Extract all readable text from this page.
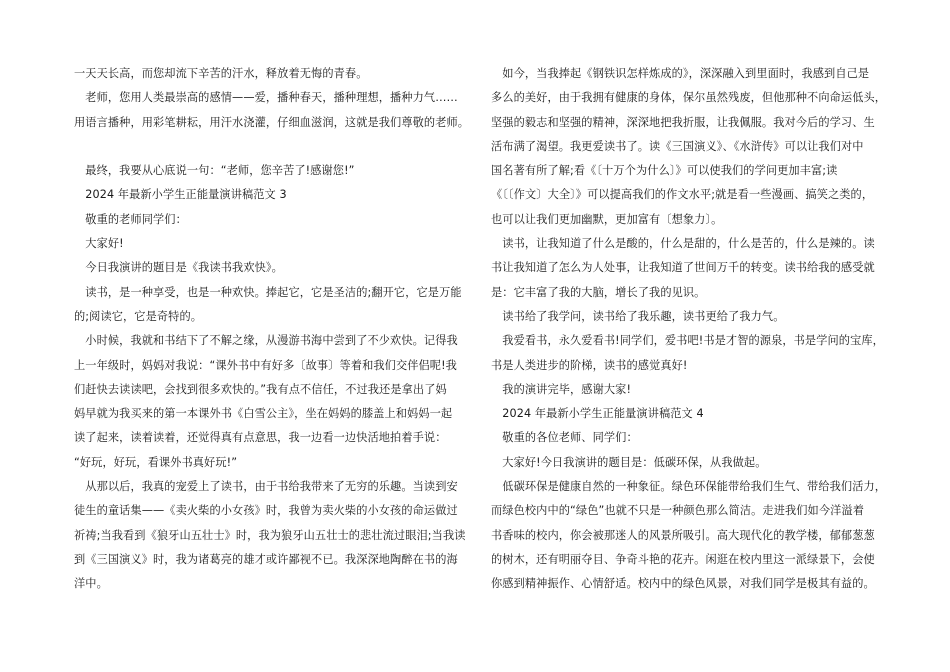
一天天长高，而您却流下辛苦的汗水，释放着无悔的青春。
　老师，您用人类最崇高的感情——爱，播种春天，播种理想，播种力气……
用语言播种，用彩笔耕耘，用汗水浇灌，仔细血滋润，这就是我们尊敬的老师。
　最终，我要从心底说一句：“老师，您辛苦了!感谢您!”
　2024 年最新小学生正能量演讲稿范文 3
　敬重的老师同学们：
　大家好!
　今日我演讲的题目是《我读书我欢快》。
　读书，是一种享受，也是一种欢快。捧起它，它是圣洁的;翻开它，它是万能
的;阅读它，它是奇特的。
　小时候，我就和书结下了不解之缘，从漫游书海中尝到了不少欢快。记得我
上一年级时，妈妈对我说：“课外书中有好多〔故事〕等着和我们交伴侣呢!我
们赶快去读读吧，会找到很多欢快的。”我有点不信任，不过我还是拿出了妈
妈早就为我买来的第一本课外书《白雪公主》，坐在妈妈的膝盖上和妈妈一起
读了起来，读着读着，还觉得真有点意思，我一边看一边快活地拍着手说：
“好玩，好玩，看课外书真好玩!”
　从那以后，我真的宠爱上了读书，由于书给我带来了无穷的乐趣。当读到安
徒生的童话集——《卖火柴的小女孩》时，我曾为卖火柴的小女孩的命运做过
祈祷;当我看到《狼牙山五壮士》时，我为狼牙山五壮士的悲壮流过眼泪;当我读
到《三国演义》时，我为诸葛亮的雄才或许鄙视不已。我深深地陶醉在书的海
洋中。
　如今，当我捧起《钢铁识怎样炼成的》，深深融入到里面时，我感到自己是
多么的美好，由于我拥有健康的身体，保尔虽然残废，但他那种不向命运低头，
坚强的毅志和坚强的精神，深深地把我折服，让我佩服。我对今后的学习、生
活布满了渴望。我更爱读书了。读《三国演义》、《水浒传》可以让我们对中
国名著有所了解;看《〔十万个为什么〕》可以使我们的学问更加丰富;读
《〔〔作文〕大全〕》可以提高我们的作文水平;就是看一些漫画、搞笑之类的，
也可以让我们更加幽默，更加富有〔想象力〕。
　读书，让我知道了什么是酸的，什么是甜的，什么是苦的，什么是辣的。读
书让我知道了怎么为人处事，让我知道了世间万千的转变。读书给我的感受就
是：它丰富了我的大脑，增长了我的见识。
　读书给了我学问，读书给了我乐趣，读书更给了我力气。
　我爱看书，永久爱看书!同学们，爱书吧!书是才智的源泉，书是学问的宝库，
书是人类进步的阶梯，读书的感觉真好!
　我的演讲完毕，感谢大家!
　2024 年最新小学生正能量演讲稿范文 4
　敬重的各位老师、同学们：
　大家好!今日我演讲的题目是：低碳环保，从我做起。
　低碳环保是健康自然的一种象征。绿色环保能带给我们生气、带给我们活力，
而绿色校内中的“绿色”也就不只是一种颜色那么简洁。走进我们如今洋溢着
书香味的校内，你会被那迷人的风景所吸引。高大现代化的教学楼，郁郁葱葱
的树木，还有明丽夺目、争奇斗艳的花卉。闲逛在校内里这一派绿景下，会使
你感到精神振作、心情舒适。校内中的绿色风景，对我们同学是极其有益的。
